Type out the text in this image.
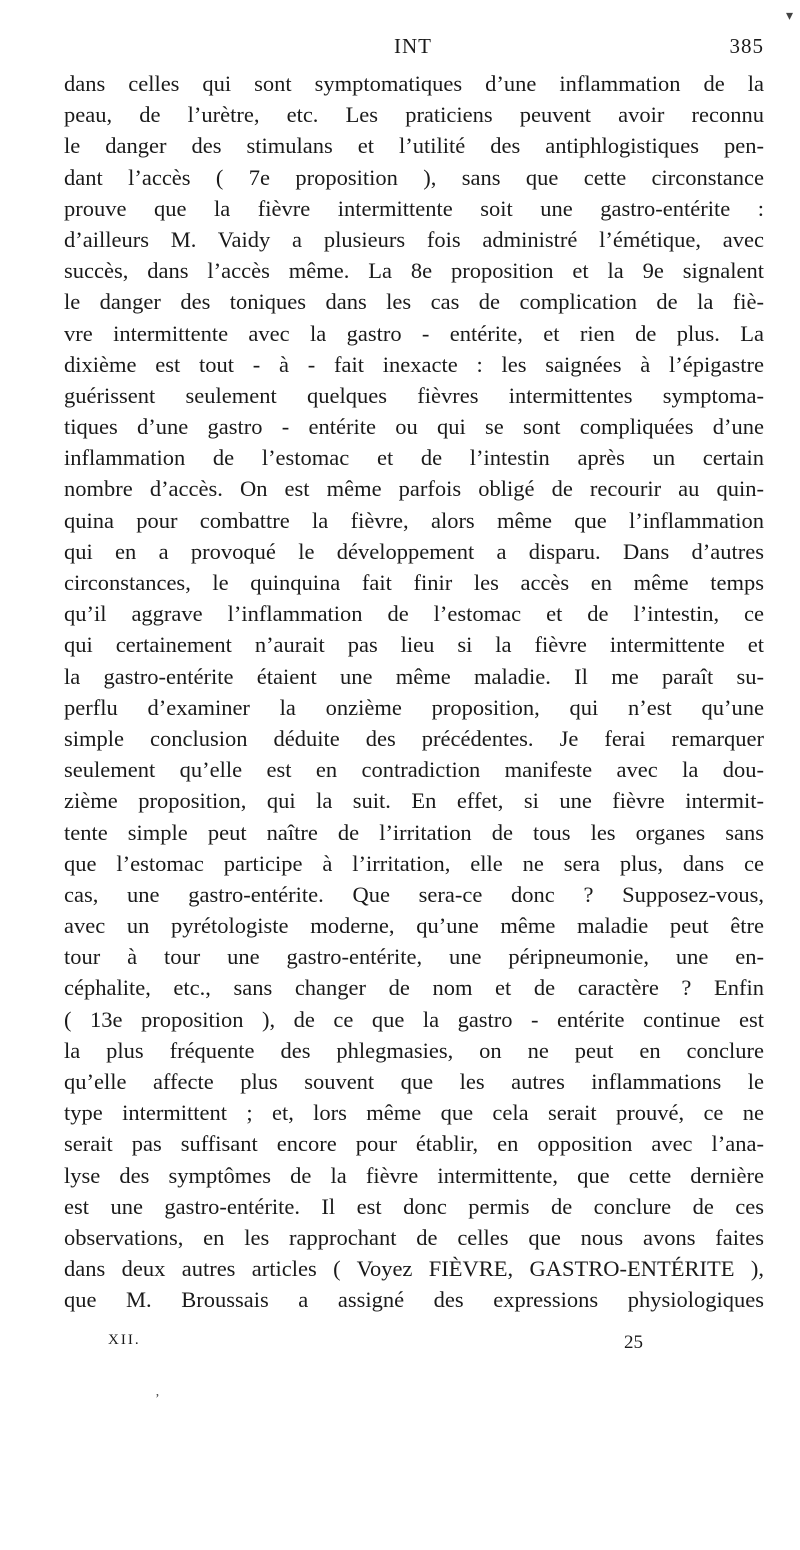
INT	385
dans celles qui sont symptomatiques d’une inflammation de la
peau, de l’urètre, etc. Les praticiens peuvent avoir reconnu
le danger des stimulans et l’utilité des antiphlogistiques pen-
dant l’accès ( 7e proposition ), sans que cette circonstance
prouve que la fièvre intermittente soit une gastro-entérite :
d’ailleurs M. Vaidy a plusieurs fois administré l’émétique, avec
succès, dans l’accès même. La 8e proposition et la 9e signalent
le danger des toniques dans les cas de complication de la fiè-
vre intermittente avec la gastro - entérite, et rien de plus. La
dixième est tout - à - fait inexacte : les saignées à l’épigastre
guérissent seulement quelques fièvres intermittentes symptoma-
tiques d’une gastro - entérite ou qui se sont compliquées d’une
inflammation de l’estomac et de l’intestin après un certain
nombre d’accès. On est même parfois obligé de recourir au quin-
quina pour combattre la fièvre, alors même que l’inflammation
qui en a provoqué le développement a disparu. Dans d’autres
circonstances, le quinquina fait finir les accès en même temps
qu’il aggrave l’inflammation de l’estomac et de l’intestin, ce
qui certainement n’aurait pas lieu si la fièvre intermittente et
la gastro-entérite étaient une même maladie. Il me paraît su-
perflu d’examiner la onzième proposition, qui n’est qu’une
simple conclusion déduite des précédentes. Je ferai remarquer
seulement qu’elle est en contradiction manifeste avec la dou-
zième proposition, qui la suit. En effet, si une fièvre intermit-
tente simple peut naître de l’irritation de tous les organes sans
que l’estomac participe à l’irritation, elle ne sera plus, dans ce
cas, une gastro-entérite. Que sera-ce donc ? Supposez-vous,
avec un pyrétologiste moderne, qu’une même maladie peut être
tour à tour une gastro-entérite, une péripneumonie, une en-
céphalite, etc., sans changer de nom et de caractère ? Enfin
( 13e proposition ), de ce que la gastro - entérite continue est
la plus fréquente des phlegmasies, on ne peut en conclure
qu’elle affecte plus souvent que les autres inflammations le
type intermittent ; et, lors même que cela serait prouvé, ce ne
serait pas suffisant encore pour établir, en opposition avec l’ana-
lyse des symptômes de la fièvre intermittente, que cette dernière
est une gastro-entérite. Il est donc permis de conclure de ces
observations, en les rapprochant de celles que nous avons faites
dans deux autres articles ( Voyez FIÈVRE, GASTRO-ENTÉRITE ),
que M. Broussais a assigné des expressions physiologiques
XII.	25
▾
ʼ
